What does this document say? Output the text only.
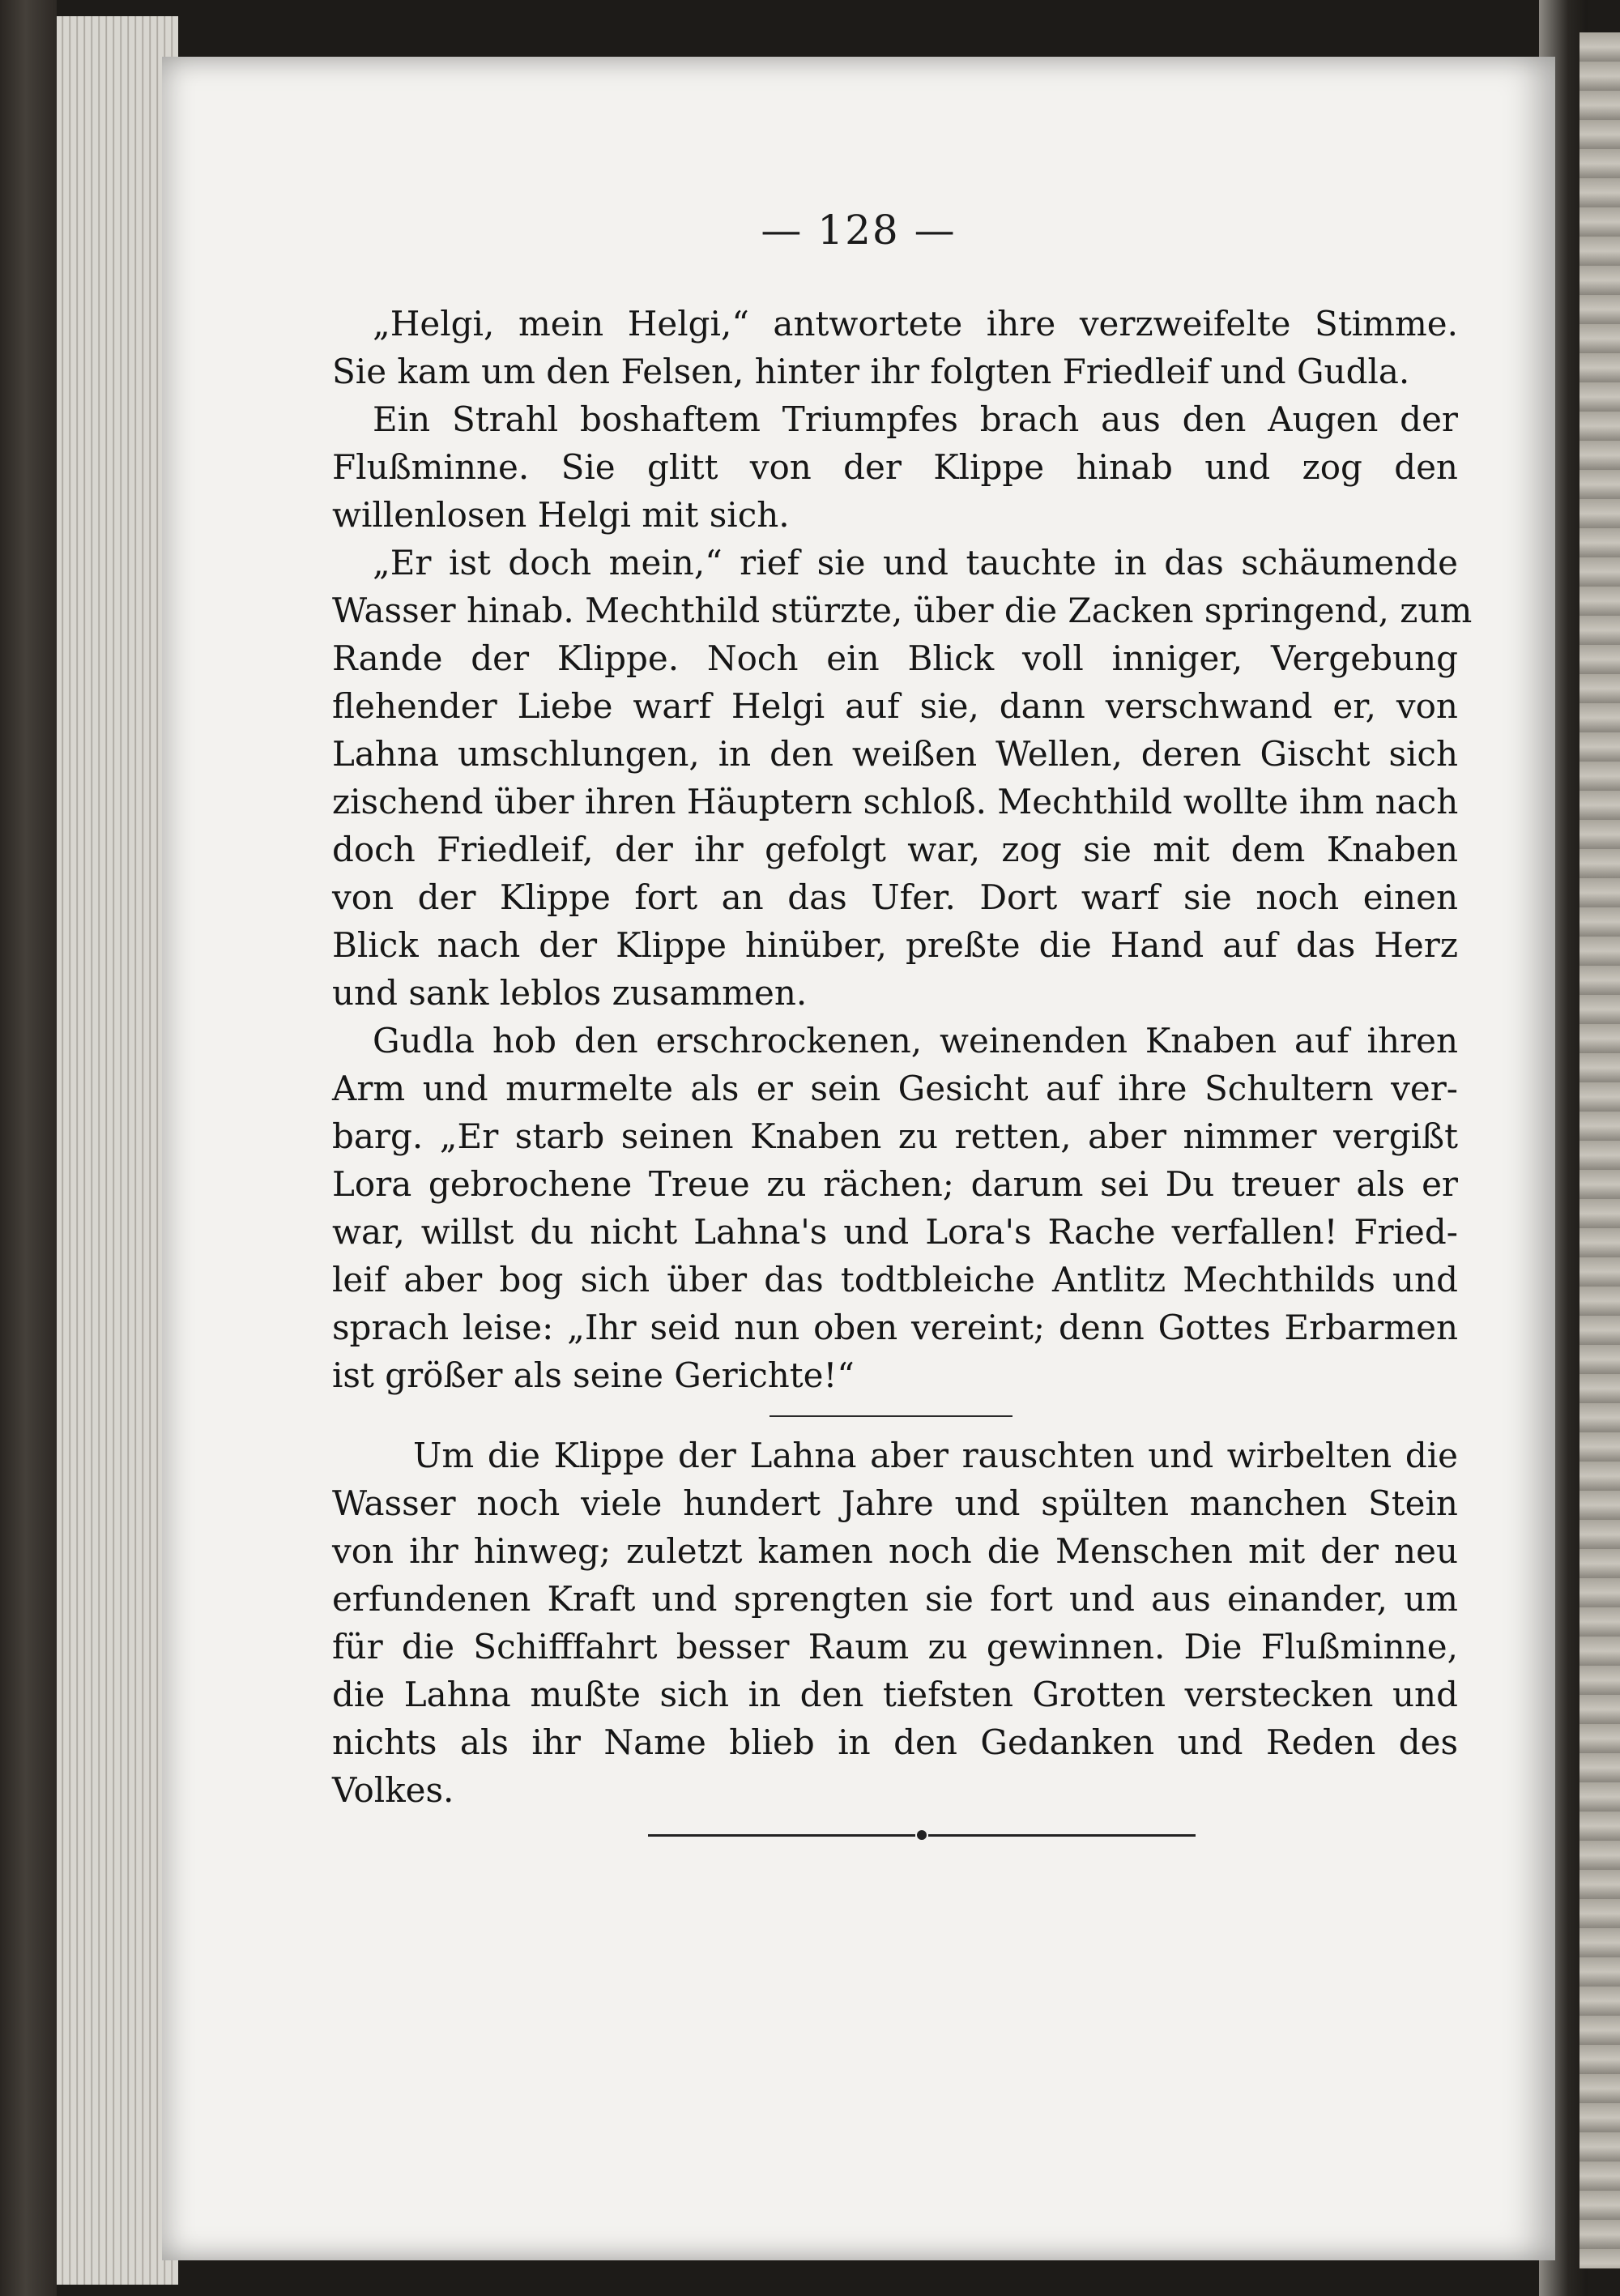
— 128 —
„Helgi, mein Helgi,“ antwortete ihre verzweifelte Stimme.
Sie kam um den Felsen, hinter ihr folgten Friedleif und Gudla.
Ein Strahl boshaftem Triumpfes brach aus den Augen der
Flußminne. Sie glitt von der Klippe hinab und zog den
willenlosen Helgi mit sich.
„Er ist doch mein,“ rief sie und tauchte in das schäumende
Wasser hinab. Mechthild stürzte, über die Zacken springend, zum
Rande der Klippe. Noch ein Blick voll inniger, Vergebung
flehender Liebe warf Helgi auf sie, dann verschwand er, von
Lahna umschlungen, in den weißen Wellen, deren Gischt sich
zischend über ihren Häuptern schloß. Mechthild wollte ihm nach
doch Friedleif, der ihr gefolgt war, zog sie mit dem Knaben
von der Klippe fort an das Ufer. Dort warf sie noch einen
Blick nach der Klippe hinüber, preßte die Hand auf das Herz
und sank leblos zusammen.
Gudla hob den erschrockenen, weinenden Knaben auf ihren
Arm und murmelte als er sein Gesicht auf ihre Schultern ver-
barg. „Er starb seinen Knaben zu retten, aber nimmer vergißt
Lora gebrochene Treue zu rächen; darum sei Du treuer als er
war, willst du nicht Lahna's und Lora's Rache verfallen! Fried-
leif aber bog sich über das todtbleiche Antlitz Mechthilds und
sprach leise: „Ihr seid nun oben vereint; denn Gottes Erbarmen
ist größer als seine Gerichte!“
Um die Klippe der Lahna aber rauschten und wirbelten die
Wasser noch viele hundert Jahre und spülten manchen Stein
von ihr hinweg; zuletzt kamen noch die Menschen mit der neu
erfundenen Kraft und sprengten sie fort und aus einander, um
für die Schifffahrt besser Raum zu gewinnen. Die Flußminne,
die Lahna mußte sich in den tiefsten Grotten verstecken und
nichts als ihr Name blieb in den Gedanken und Reden des
Volkes.
